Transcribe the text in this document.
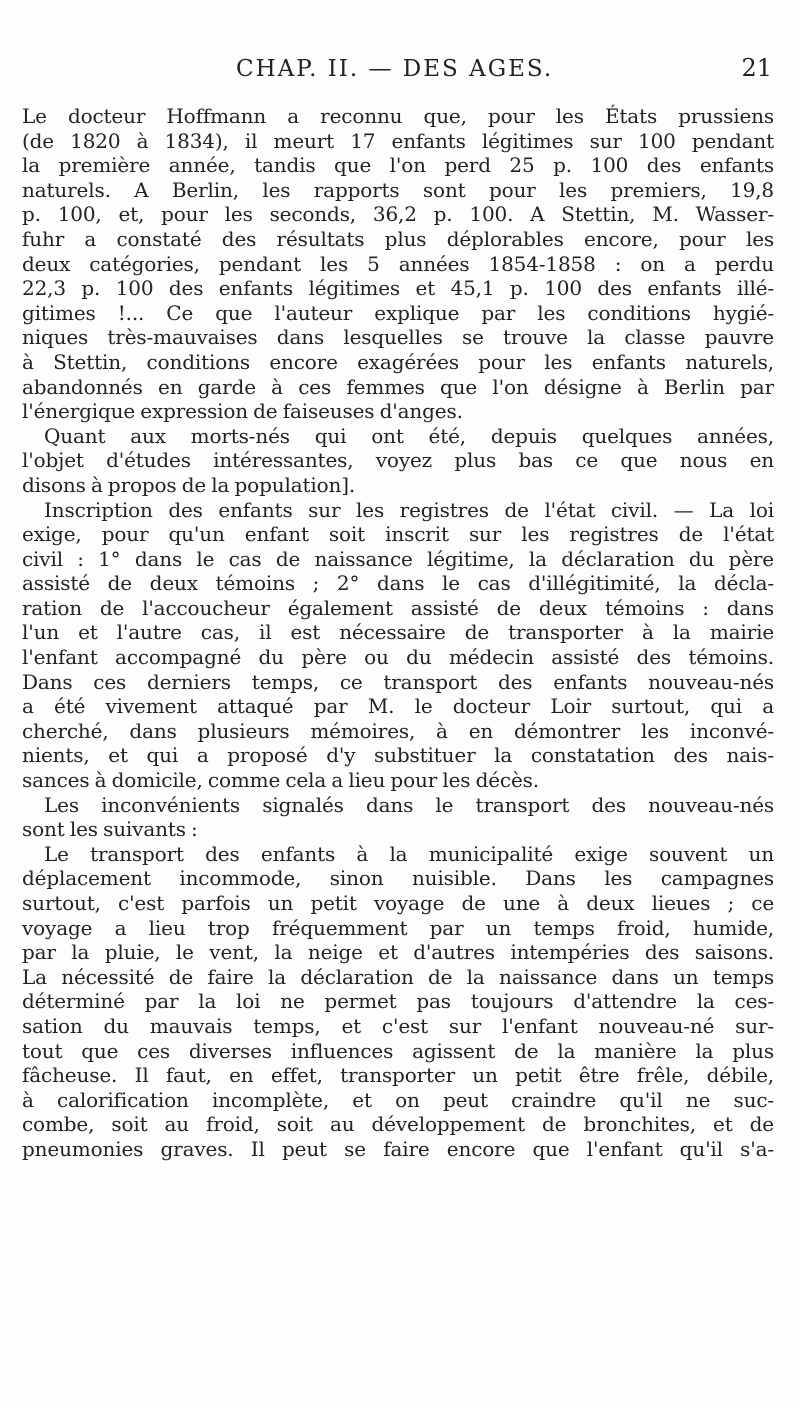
CHAP. II. — DES AGES.	21
Le docteur Hoffmann a reconnu que, pour les États prussiens
(de 1820 à 1834), il meurt 17 enfants légitimes sur 100 pendant
la première année, tandis que l'on perd 25 p. 100 des enfants
naturels. A Berlin, les rapports sont pour les premiers, 19,8
p. 100, et, pour les seconds, 36,2 p. 100. A Stettin, M. Wasser-
fuhr a constaté des résultats plus déplorables encore, pour les
deux catégories, pendant les 5 années 1854-1858 : on a perdu
22,3 p. 100 des enfants légitimes et 45,1 p. 100 des enfants illé-
gitimes !... Ce que l'auteur explique par les conditions hygié-
niques très-mauvaises dans lesquelles se trouve la classe pauvre
à Stettin, conditions encore exagérées pour les enfants naturels,
abandonnés en garde à ces femmes que l'on désigne à Berlin par
l'énergique expression de faiseuses d'anges.
Quant aux morts-nés qui ont été, depuis quelques années,
l'objet d'études intéressantes, voyez plus bas ce que nous en
disons à propos de la population].
Inscription des enfants sur les registres de l'état civil. — La loi
exige, pour qu'un enfant soit inscrit sur les registres de l'état
civil : 1° dans le cas de naissance légitime, la déclaration du père
assisté de deux témoins ; 2° dans le cas d'illégitimité, la décla-
ration de l'accoucheur également assisté de deux témoins : dans
l'un et l'autre cas, il est nécessaire de transporter à la mairie
l'enfant accompagné du père ou du médecin assisté des témoins.
Dans ces derniers temps, ce transport des enfants nouveau-nés
a été vivement attaqué par M. le docteur Loir surtout, qui a
cherché, dans plusieurs mémoires, à en démontrer les inconvé-
nients, et qui a proposé d'y substituer la constatation des nais-
sances à domicile, comme cela a lieu pour les décès.
Les inconvénients signalés dans le transport des nouveau-nés
sont les suivants :
Le transport des enfants à la municipalité exige souvent un
déplacement incommode, sinon nuisible. Dans les campagnes
surtout, c'est parfois un petit voyage de une à deux lieues ; ce
voyage a lieu trop fréquemment par un temps froid, humide,
par la pluie, le vent, la neige et d'autres intempéries des saisons.
La nécessité de faire la déclaration de la naissance dans un temps
déterminé par la loi ne permet pas toujours d'attendre la ces-
sation du mauvais temps, et c'est sur l'enfant nouveau-né sur-
tout que ces diverses influences agissent de la manière la plus
fâcheuse. Il faut, en effet, transporter un petit être frêle, débile,
à calorification incomplète, et on peut craindre qu'il ne suc-
combe, soit au froid, soit au développement de bronchites, et de
pneumonies graves. Il peut se faire encore que l'enfant qu'il s'a-
